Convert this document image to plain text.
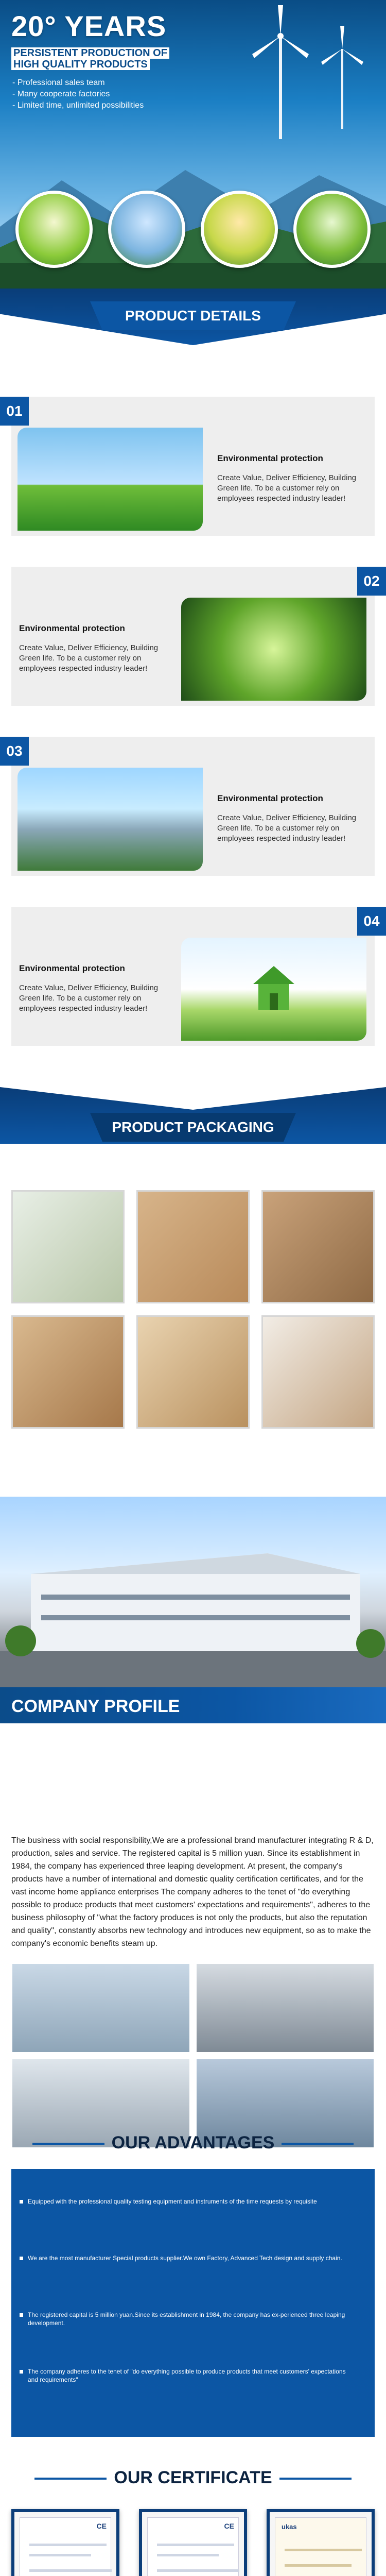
20° YEARS
PERSISTENT PRODUCTION OF
HIGH QUALITY PRODUCTS
- Professional sales team
- Many cooperate factories
- Limited time, unlimited possibilities
PRODUCT DETAILS
01
Environmental protection

Create Value, Deliver Efficiency, Building Green life. To be a customer rely on employees respected industry leader!

02
Environmental protection

Create Value, Deliver Efficiency, Building Green life. To be a customer rely on employees respected industry leader!

03
Environmental protection

Create Value, Deliver Efficiency, Building Green life. To be a customer rely on employees respected industry leader!

04
Environmental protection

Create Value, Deliver Efficiency, Building Green life. To be a customer rely on employees respected industry leader!

PRODUCT PACKAGING
COMPANY PROFILE
The business with social responsibility,We are a professional brand manufacturer integrating R & D, production, sales and service. The registered capital is 5 million yuan. Since its establishment in 1984, the company has experienced three leaping development. At present, the company's products have a number of international and domestic quality certification certificates, and for the vast income home appliance enterprises The company adheres to the tenet of "do everything possible to produce products that meet customers' expectations and requirements", adheres to the business philosophy of "what the factory produces is not only the products, but also the reputation and quality", constantly absorbs new technology and introduces new equipment, so as to make the company's economic benefits steam up.
OUR ADVANTAGES
Equipped with the professional quality testing equipment and instruments of the time requests by requisite
We are the most manufacturer Special products supplier.We own Factory, Advanced Tech design and supply chain.
The registered capital is 5 million yuan.Since its establishment in 1984, the company has ex-perienced three leaping development.
The company adheres to the tenet of "do everything possible to produce products that meet customers' expectations and requirements"
OUR CERTIFICATE
CE	CE	ukas
